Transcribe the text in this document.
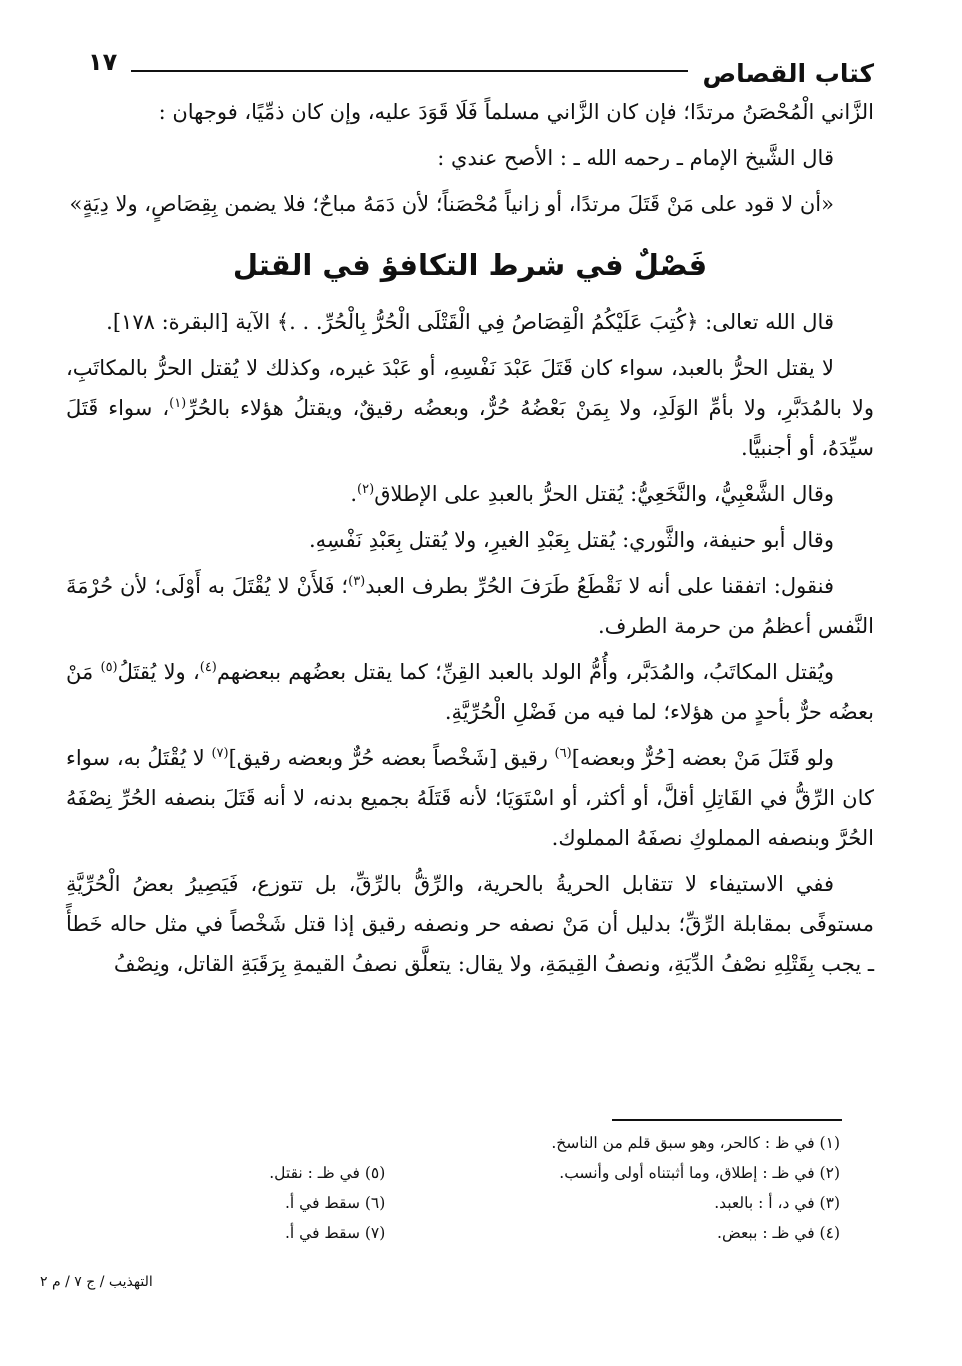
كتاب القصاص
١٧

الزَّاني الْمُحْصَنُ مرتدًا؛ فإن كان الزَّاني مسلماً فَلَا قَوَدَ عليه، وإن كان ذمِّيًا، فوجهان :

قال الشَّيخ الإمام ـ رحمه الله ـ : الأصح عندي :

«أن لا قود على مَنْ قَتَلَ مرتدًا، أو زانياً مُحْصَناً؛ لأن دَمَهُ مباحٌ؛ فلا يضمن بِقِصَاصٍ، ولا دِيَةٍ»

فَصْلٌ في شرط التكافؤ في القتل

قال الله تعالى: ﴿كُتِبَ عَلَيْكُمُ الْقِصَاصُ فِي الْقَتْلَى الْحُرُّ بِالْحُرِّ. . .﴾ الآية [البقرة: ١٧٨].

لا يقتل الحرُّ بالعبد، سواء كان قَتَلَ عَبْدَ نَفْسِهِ، أو عَبْدَ غيره، وكذلك لا يُقتل الحرُّ بالمكاتَبِ، ولا بالمُدَبَّرِ، ولا بأمِّ الوَلَدِ، ولا بِمَنْ بَعْضُهُ حُرٌّ، وبعضُه رقيقٌ، ويقتلُ هؤلاء بالحُرِّ$^{(١)}$، سواء قَتَلَ سيِّدَهُ، أو أجنبيًّا.

وقال الشَّعْبِيُّ، والنَّخَعِيُّ: يُقتل الحرُّ بالعبدِ على الإطلاق$^{(٢)}$.

وقال أبو حنيفة، والثَّوري: يُقتل بِعَبْدِ الغيرِ، ولا يُقتل بِعَبْدِ نَفْسِهِ.

فنقول: اتفقنا على أنه لا نَقْطَعُ طَرَفَ الحُرِّ بطرف العبد$^{(٣)}$؛ فَلأَنْ لا يُقْتَلَ به أَوْلَى؛ لأن حُرْمَةَ النَّفس أعظمُ من حرمة الطرف.

ويُقتل المكاتَبُ، والمُدَبَّر، وأُمُّ الولد بالعبد القِنِّ؛ كما يقتل بعضُهم ببعضهم$^{(٤)}$، ولا يُقتَلُ$^{(٥)}$ مَنْ بعضُه حرٌّ بأحدٍ من هؤلاء؛ لما فيه من فَضْلِ الْحُرِّيَّةِ.

ولو قَتَلَ مَنْ بعضه [حُرٌّ وبعضه]$^{(٦)}$ رقيق [شَخْصاً بعضه حُرٌّ وبعضه رقيق]$^{(٧)}$ لا يُقْتَلُ به، سواء كان الرِّقُّ في القَاتِلِ أقلَّ، أو أكثر، أو اسْتَوَيَا؛ لأنه قَتَلَهُ بجميع بدنه، لا أنه قَتَلَ بنصفه الحُرِّ نِصْفَهُ الحُرَّ وبنصفه المملوكِ نصفَهُ المملوك.

ففي الاستيفاء لا تتقابل الحريةُ بالحرية، والرِّقُّ بالرِّقِّ، بل تتوزع، فَيَصِيرُ بعضُ الْحُرِّيَّةِ مستوفًى بمقابلة الرِّقِّ؛ بدليل أن مَنْ نصفه حر ونصفه رقيق إذا قتل شَخْصاً في مثل حاله خَطأً ـ يجب بِقَتْلِهِ نصْفُ الدِّيَةِ، ونصفُ القِيمَةِ، ولا يقال: يتعلَّق نصفُ القيمةِ بِرَقَبَةِ القاتل، ونِصْفُ

(١) في ظ : كالحر، وهو سبق قلم من الناسخ.

(٢) في ظـ : إطلاق، وما أثبتناه أولى وأنسب.

(٣) في د، أ : بالعبد.

(٤) في ظـ : ببعض.

(٥) في ظـ : نقتل.

(٦) سقط في أ.

(٧) سقط في أ.

التهذيب / ج ٧ / م ٢
